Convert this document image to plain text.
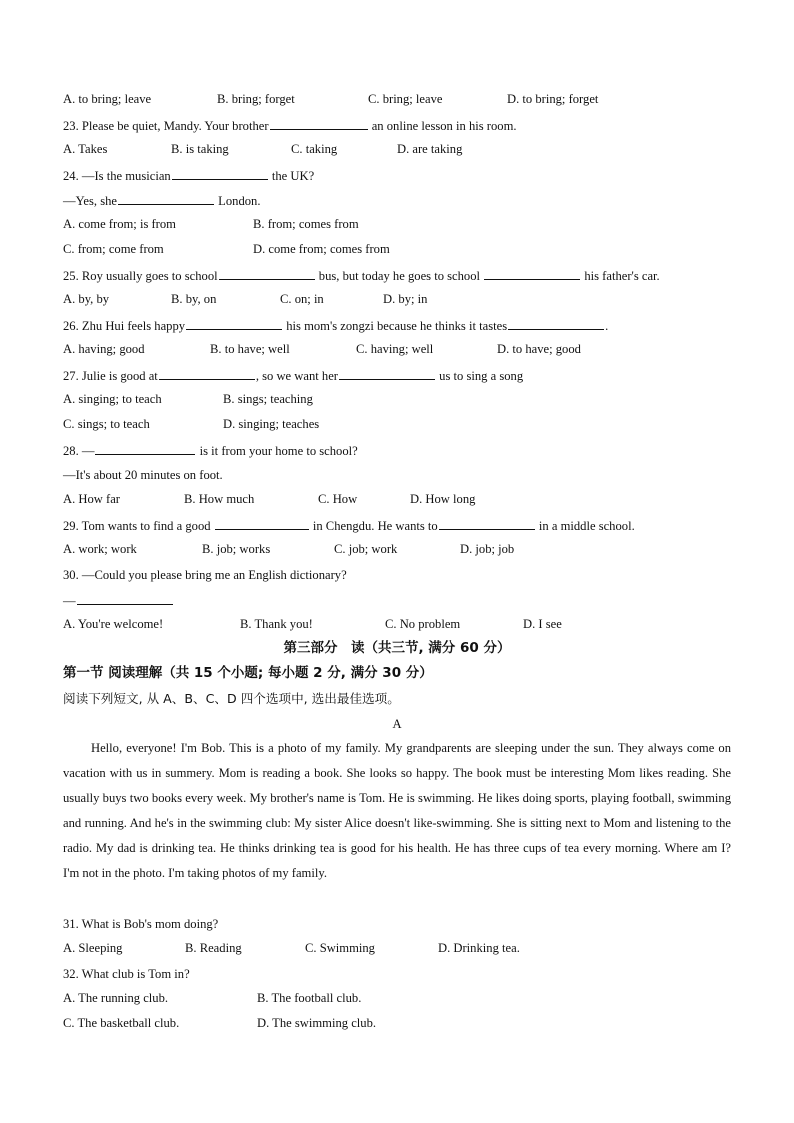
A. to bring; leave	B. bring; forget	C. bring; leave	D. to bring; forget
23. Please be quiet, Mandy. Your brother	an online lesson in his room.
A. Takes	B. is taking	C. taking	D. are taking
24. —Is the musician	the UK?
—Yes, she	London.
A. come from; is from	B. from; comes from
C. from; come from	D. come from; comes from
25. Roy usually goes to school	bus, but today he goes to school	his father's car.
A. by, by	B. by, on	C. on; in	D. by; in
26. Zhu Hui feels happy	his mom's zongzi because he thinks it tastes	.
A. having; good	B. to have; well	C. having; well	D. to have; good
27. Julie is good at	, so we want her	us to sing a song
A. singing; to teach	B. sings; teaching
C. sings; to teach	D. singing; teaches
28. —	is it from your home to school?
—It's about 20 minutes on foot.
A. How far	B. How much	C. How	D. How long
29. Tom wants to find a good	in Chengdu. He wants to	in a middle school.
A. work; work	B. job; works	C. job; work	D. job; job
30. —Could you please bring me an English dictionary?
—
A. You're welcome!	B. Thank you!	C. No problem	D. I see
第三部分　读（共三节, 满分 60 分）
第一节 阅读理解（共 15 个小题; 每小题 2 分, 满分 30 分）
阅读下列短文, 从 A、B、C、D 四个选项中, 选出最佳选项。
A
Hello, everyone! I'm Bob. This is a photo of my family. My grandparents are sleeping under the sun. They always come on vacation with us in summery. Mom is reading a book. She looks so happy. The book must be interesting Mom likes reading. She usually buys two books every week. My brother's name is Tom. He is swimming. He likes doing sports, playing football, swimming and running. And he's in the swimming club: My sister Alice doesn't like-swimming. She is sitting next to Mom and listening to the radio. My dad is drinking tea. He thinks drinking tea is good for his health. He has three cups of tea every morning. Where am I? I'm not in the photo. I'm taking photos of my family.
31. What is Bob's mom doing?
A. Sleeping	B. Reading	C. Swimming	D. Drinking tea.
32. What club is Tom in?
A. The running club.	B. The football club.
C. The basketball club.	D. The swimming club.
